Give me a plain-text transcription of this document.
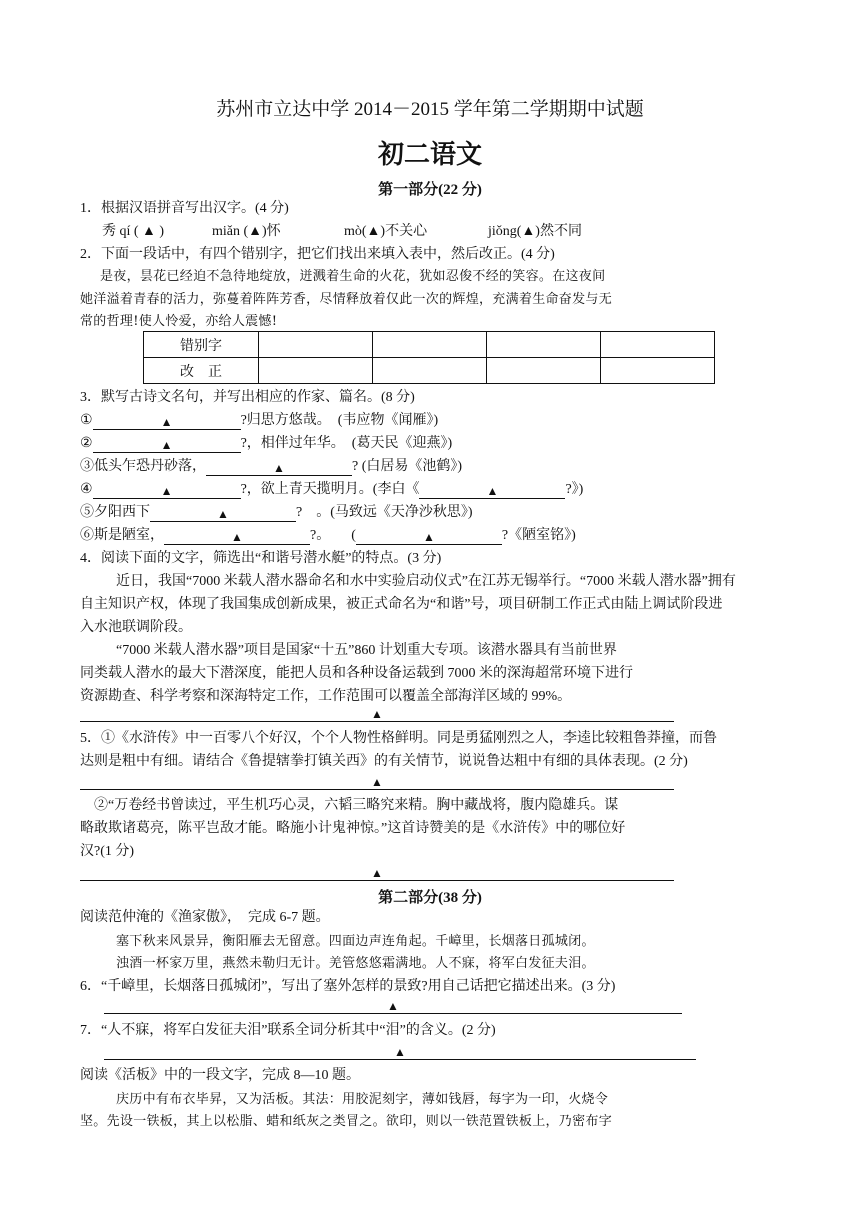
苏州市立达中学 2014－2015 学年第二学期期中试题
初二语文
第一部分(22 分)
1．根据汉语拼音写出汉字。(4 分)
秀 qí ( ▲ )	miǎn (▲)怀	mò(▲)不关心	jiǒng(▲)然不同
2．下面一段话中，有四个错别字，把它们找出来填入表中，然后改正。(4 分)
是夜，昙花已经迫不急待地绽放，迸溅着生命的火花，犹如忍俊不经的笑容。在这夜间
她洋溢着青春的活力，弥蔓着阵阵芳香，尽情释放着仅此一次的辉煌，充满着生命奋发与无
常的哲理!使人怜爱，亦给人震憾!
错别字				
改　正				
3．默写古诗文名句，并写出相应的作家、篇名。(8 分)
①	▲	?归思方悠哉。　(韦应物《闻雁》)
②	▲	?，相伴过年华。　(葛天民《迎燕》)
③低头乍恐丹砂落，	▲	? (白居易《池鹤》)
④	▲	?，欲上青天揽明月。(李白《	▲	?》)
⑤夕阳西下	▲	?　。(马致远《天净沙秋思》)
⑥斯是陋室，	▲	?。　　(	▲	?《陋室铭》)
4．阅读下面的文字，筛选出“和谐号潜水艇”的特点。(3 分)
近日，我国“7000 米载人潜水器命名和水中实验启动仪式”在江苏无锡举行。“7000 米载人潜水器”拥有
自主知识产权，体现了我国集成创新成果，被正式命名为“和谐”号，项目研制工作正式由陆上调试阶段进
入水池联调阶段。
“7000 米载人潜水器”项目是国家“十五”860 计划重大专项。该潜水器具有当前世界
同类载人潜水的最大下潜深度，能把人员和各种设备运载到 7000 米的深海超常环境下进行
资源勘查、科学考察和深海特定工作，工作范围可以覆盖全部海洋区域的 99%。
▲
5．①《水浒传》中一百零八个好汉，个个人物性格鲜明。同是勇猛刚烈之人，李逵比较粗鲁莽撞，而鲁
达则是粗中有细。请结合《鲁提辖拳打镇关西》的有关情节，说说鲁达粗中有细的具体表现。(2 分)
▲
②“万卷经书曾读过，平生机巧心灵，六韬三略究来精。胸中藏战将，腹内隐雄兵。谋
略敢欺诸葛亮，陈平岂敌才能。略施小计鬼神惊。”这首诗赞美的是《水浒传》中的哪位好
汉?(1 分)
▲
第二部分(38 分)
阅读范仲淹的《渔家傲》，　完成 6-7 题。
塞下秋来风景异，衡阳雁去无留意。四面边声连角起。千嶂里，长烟落日孤城闭。
浊酒一杯家万里，燕然未勒归无计。羌管悠悠霜满地。人不寐，将军白发征夫泪。
6．“千嶂里，长烟落日孤城闭”，写出了塞外怎样的景致?用自己话把它描述出来。(3 分)
▲
7．“人不寐，将军白发征夫泪”联系全词分析其中“泪”的含义。(2 分)
▲
阅读《活板》中的一段文字，完成 8—10 题。
庆历中有布衣毕昇，又为活板。其法：用胶泥刻字，薄如钱唇，每字为一印，火烧令
坚。先设一铁板，其上以松脂、蜡和纸灰之类冒之。欲印，则以一铁范置铁板上，乃密布字
